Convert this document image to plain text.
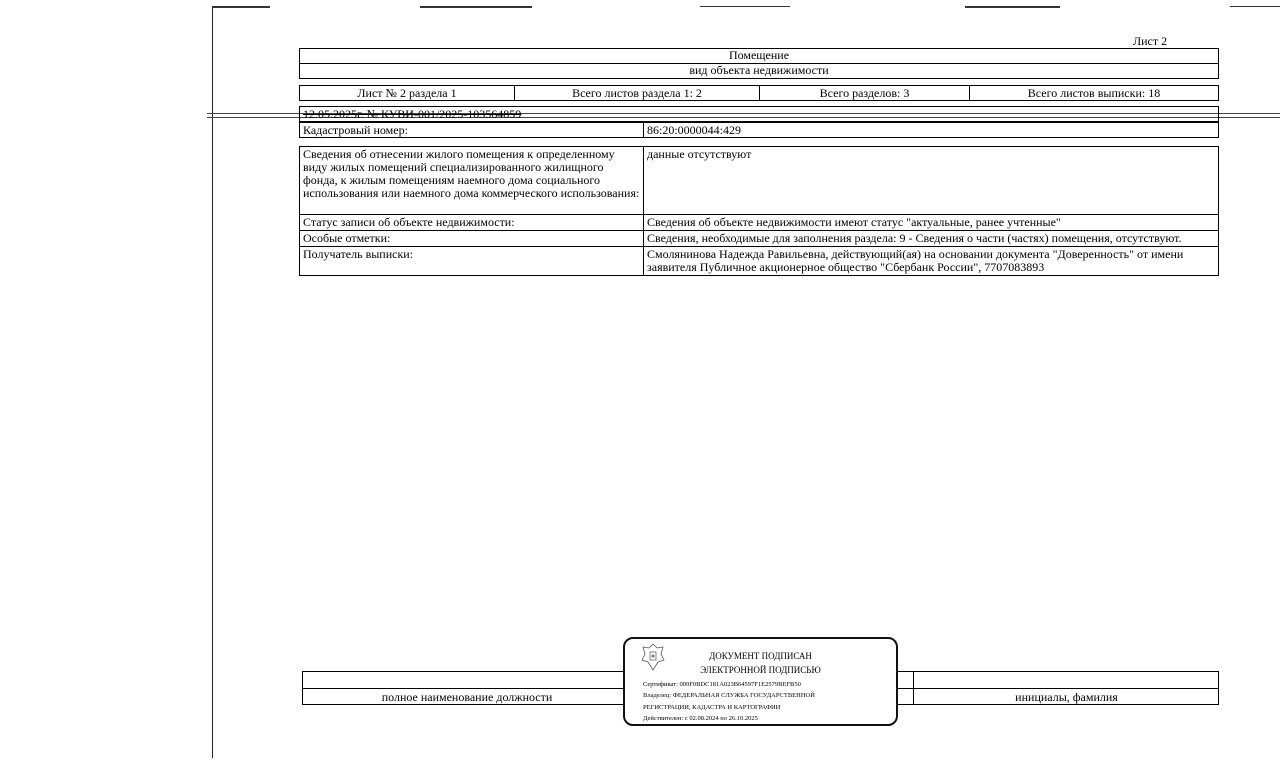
Лист 2
Помещение
вид объекта недвижимости
Лист № 2 раздела 1	Всего листов раздела 1: 2	Всего разделов: 3	Всего листов выписки: 18
12.05.2025г. № КУВИ-001/2025-103564859
Кадастровый номер:	86:20:0000044:429
Сведения об отнесении жилого помещения к определенному виду жилых помещений специализированного жилищного фонда, к жилым помещениям наемного дома социального использования или наемного дома коммерческого использования:
данные отсутствуют
Статус записи об объекте недвижимости:	Сведения об объекте недвижимости имеют статус "актуальные, ранее учтенные"
Особые отметки:	Сведения, необходимые для заполнения раздела: 9 - Сведения о части (частях) помещения, отсутствуют.
Получатель выписки:	Смолянинова Надежда Равильевна, действующий(ая) на основании документа "Доверенность" от имени заявителя Публичное акционерное общество "Сбербанк России", 7707083893
полное наименование должности	инициалы, фамилия
ДОКУМЕНТ ПОДПИСАН
ЭЛЕКТРОННОЙ ПОДПИСЬЮ
Сертификат: 009F0BDC181A023B64597F1E2579BEFB50
Владелец: ФЕДЕРАЛЬНАЯ СЛУЖБА ГОСУДАРСТВЕННОЙ
РЕГИСТРАЦИИ, КАДАСТРА И КАРТОГРАФИИ
Действителен: с 02.08.2024 по 26.10.2025
